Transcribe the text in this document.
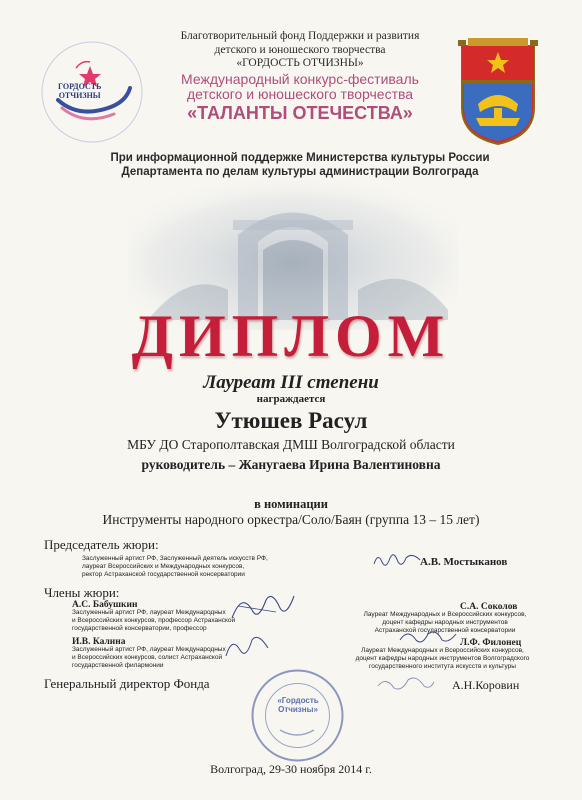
ГОРДОСТЬ
ОТЧИЗНЫ
Благотворительный фонд Поддержки и развития
детского и юношеского творчества
«ГОРДОСТЬ ОТЧИЗНЫ»
Международный конкурс-фестиваль
детского и юношеского творчества
«ТАЛАНТЫ ОТЕЧЕСТВА»
При информационной поддержке Министерства культуры России
Департамента по делам культуры администрации Волгограда
ДИПЛОМ
Лауреат III степени
награждается
Утюшев Расул
МБУ ДО Старополтавская ДМШ Волгоградской области
руководитель – Жанугаева Ирина Валентиновна
в номинации
Инструменты народного оркестра/Соло/Баян (группа 13 – 15 лет)
Председатель жюри:
Заслуженный артист РФ, Заслуженный деятель искусств РФ,
лауреат Всероссийских и Международных конкурсов,
ректор Астраханской государственной консерватории
А.В. Мостыканов
Члены жюри:
А.С. Бабушкин
Заслуженный артист РФ, лауреат Международных
и Всероссийских конкурсов, профессор Астраханской
государственной консерватории, профессор
И.В. Калина
Заслуженный артист РФ, лауреат Международных
и Всероссийских конкурсов, солист Астраханской
государственной филармонии
С.А. Соколов
Лауреат Международных и Всероссийских конкурсов,
доцент кафедры народных инструментов
Астраханской государственной консерватории
Л.Ф. Филонец
Лауреат Международных и Всероссийских конкурсов,
доцент кафедры народных инструментов Волгоградского
государственного института искусств и культуры
Генеральный директор Фонда	А.Н.Коровин
«Гордость
Отчизны»
Волгоград, 29-30 ноября 2014 г.
